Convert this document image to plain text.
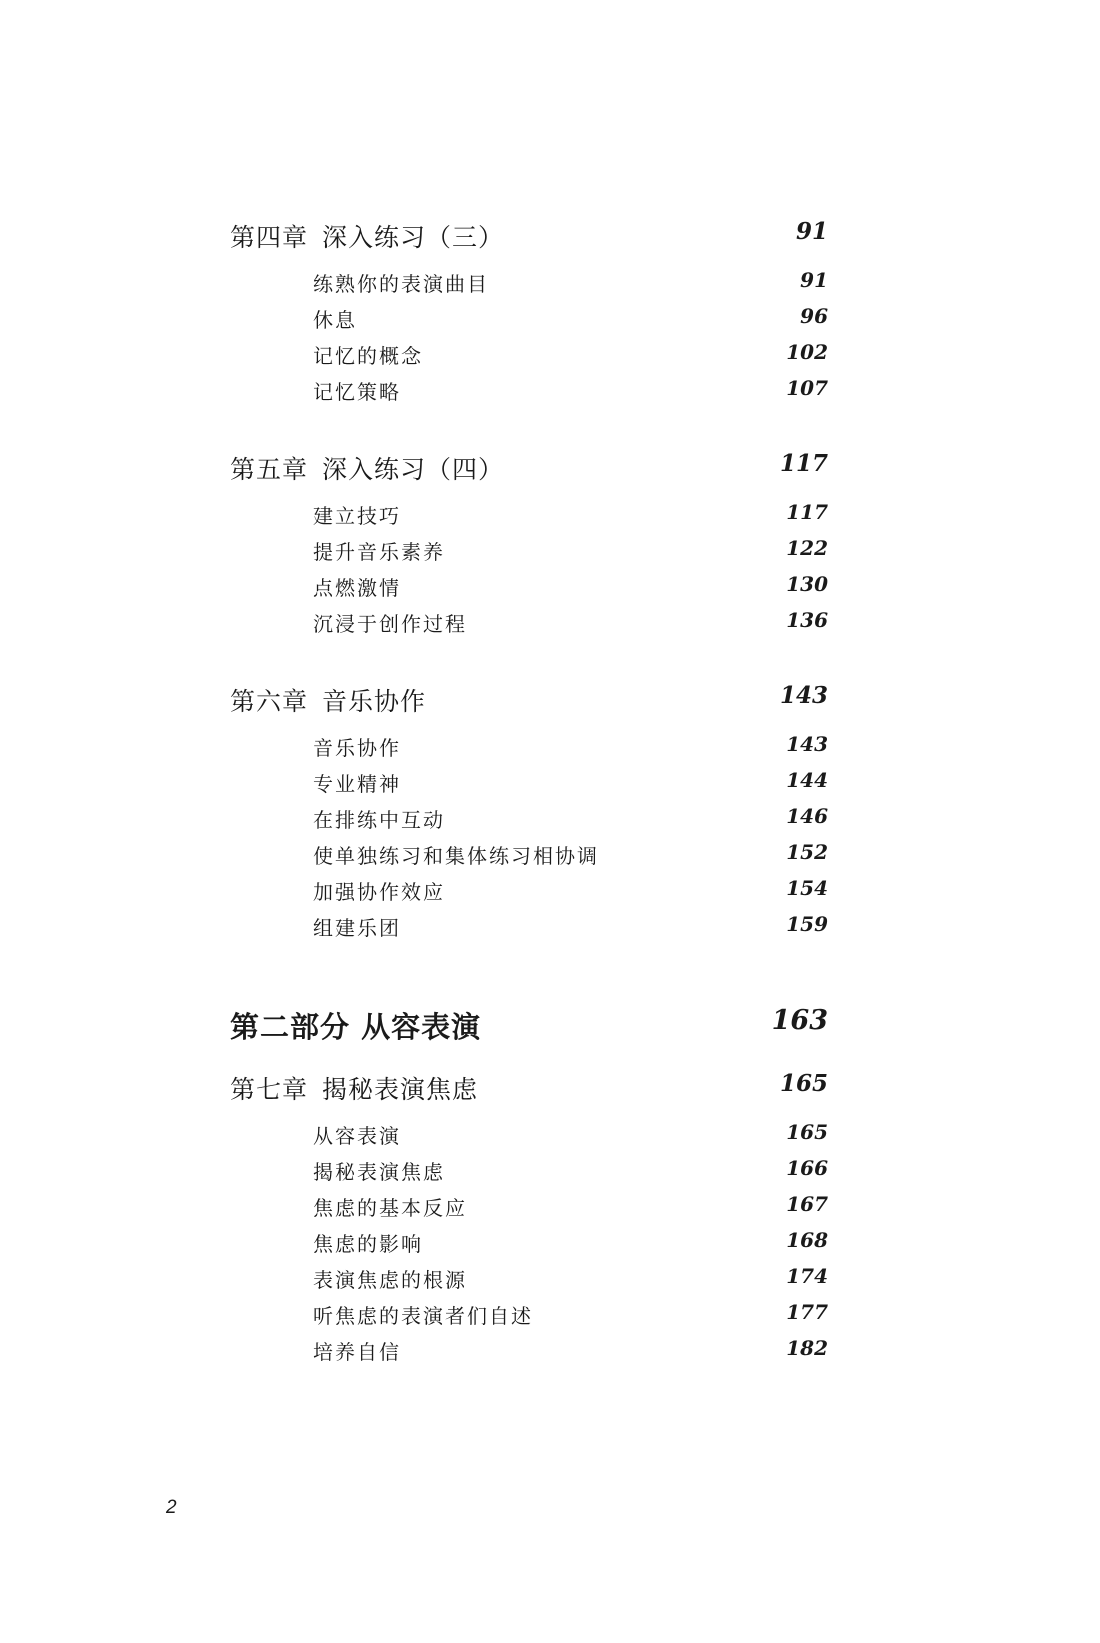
第四章 深入练习（三）	91
练熟你的表演曲目	91
休息	96
记忆的概念	102
记忆策略	107
第五章 深入练习（四）	117
建立技巧	117
提升音乐素养	122
点燃激情	130
沉浸于创作过程	136
第六章 音乐协作	143
音乐协作	143
专业精神	144
在排练中互动	146
使单独练习和集体练习相协调	152
加强协作效应	154
组建乐团	159
第二部分 从容表演	163
第七章 揭秘表演焦虑	165
从容表演	165
揭秘表演焦虑	166
焦虑的基本反应	167
焦虑的影响	168
表演焦虑的根源	174
听焦虑的表演者们自述	177
培养自信	182
2
